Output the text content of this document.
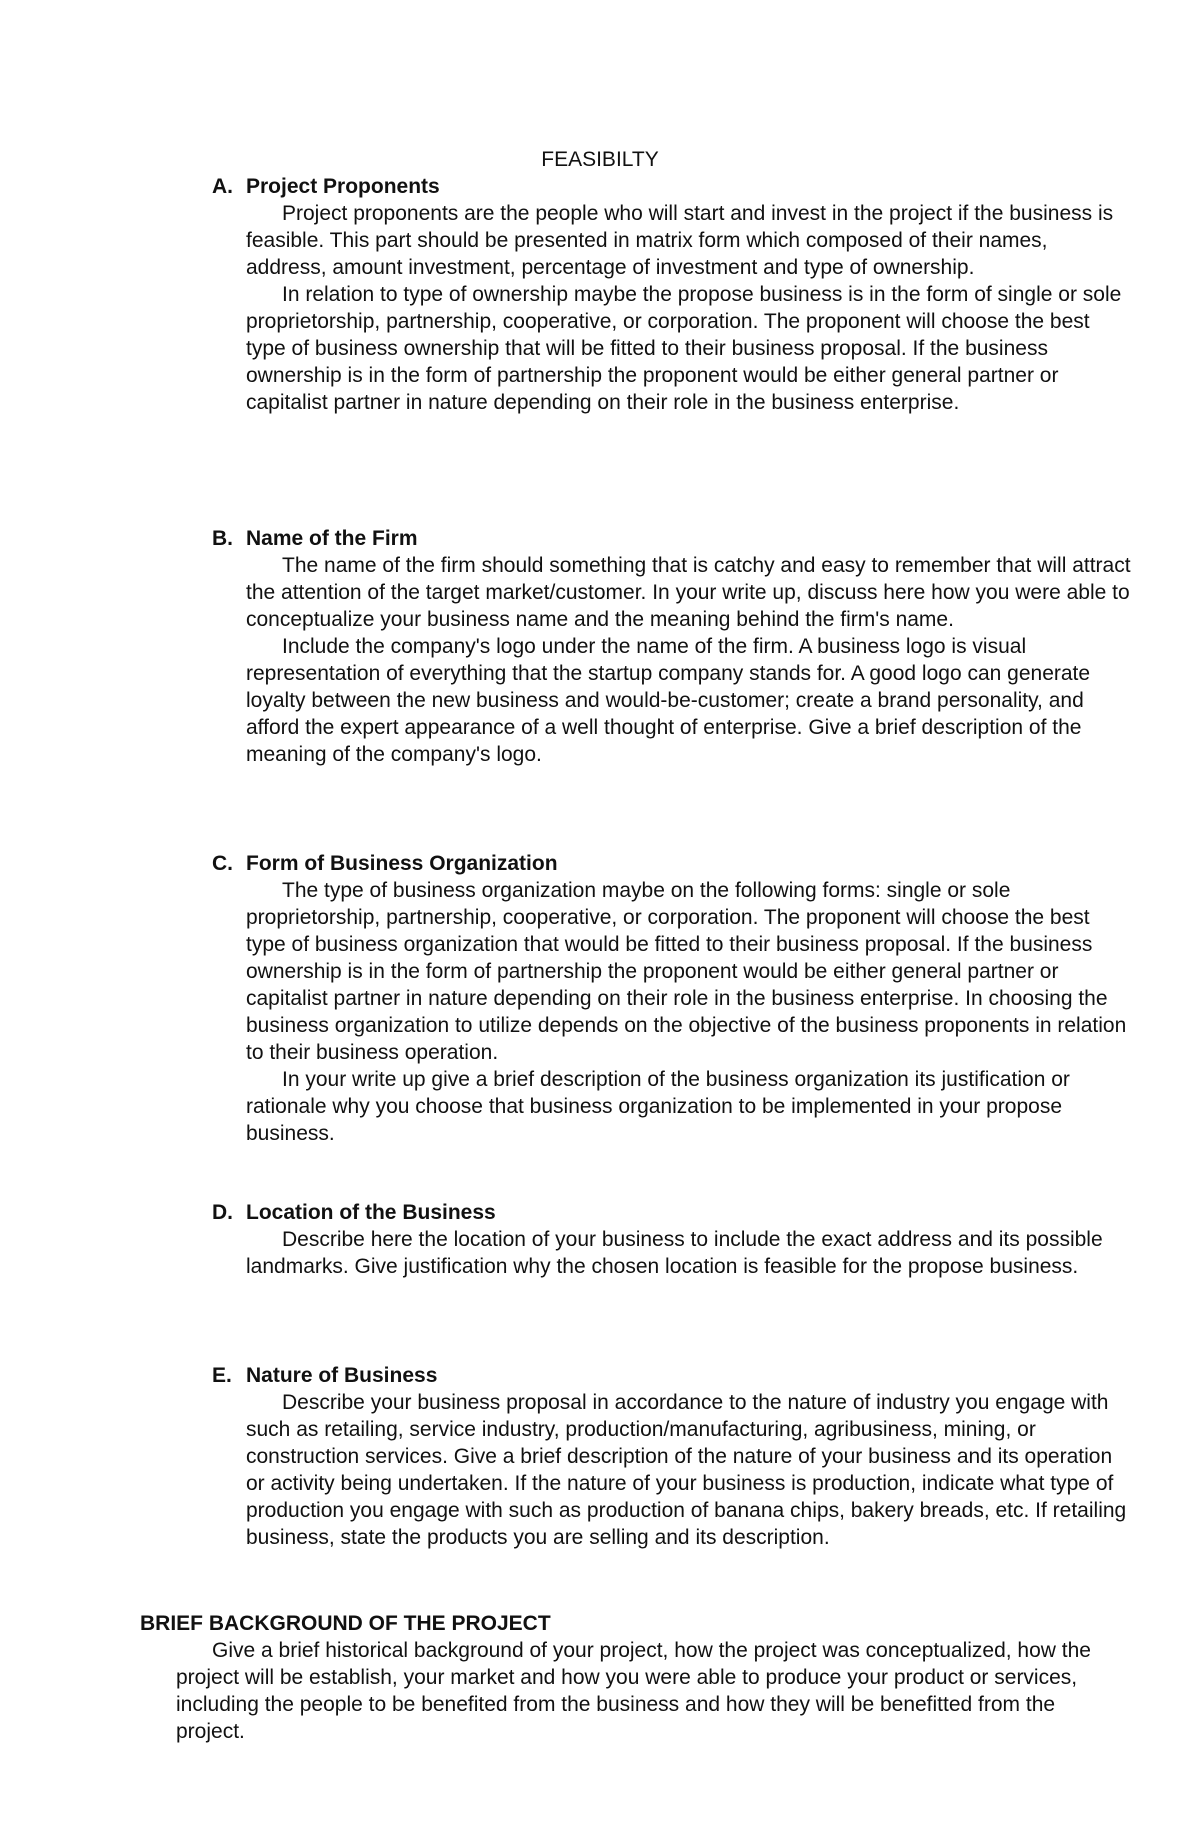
FEASIBILTY
A. Project Proponents

Project proponents are the people who will start and invest in the project if the business is feasible. This part should be presented in matrix form which composed of their names, address, amount investment, percentage of investment and type of ownership.

In relation to type of ownership maybe the propose business is in the form of single or sole proprietorship, partnership, cooperative, or corporation. The proponent will choose the best type of business ownership that will be fitted to their business proposal. If the business ownership is in the form of partnership the proponent would be either general partner or capitalist partner in nature depending on their role in the business enterprise.

B. Name of the Firm

The name of the firm should something that is catchy and easy to remember that will attract the attention of the target market/customer. In your write up, discuss here how you were able to conceptualize your business name and the meaning behind the firm's name.

Include the company's logo under the name of the firm. A business logo is visual representation of everything that the startup company stands for. A good logo can generate loyalty between the new business and would-be-customer; create a brand personality, and afford the expert appearance of a well thought of enterprise. Give a brief description of the meaning of the company's logo.

C. Form of Business Organization

The type of business organization maybe on the following forms: single or sole proprietorship, partnership, cooperative, or corporation. The proponent will choose the best type of business organization that would be fitted to their business proposal. If the business ownership is in the form of partnership the proponent would be either general partner or capitalist partner in nature depending on their role in the business enterprise. In choosing the business organization to utilize depends on the objective of the business proponents in relation to their business operation.

In your write up give a brief description of the business organization its justification or rationale why you choose that business organization to be implemented in your propose business.

D. Location of the Business

Describe here the location of your business to include the exact address and its possible landmarks. Give justification why the chosen location is feasible for the propose business.

E. Nature of Business

Describe your business proposal in accordance to the nature of industry you engage with such as retailing, service industry, production/manufacturing, agribusiness, mining, or construction services. Give a brief description of the nature of your business and its operation or activity being undertaken. If the nature of your business is production, indicate what type of production you engage with such as production of banana chips, bakery breads, etc. If retailing business, state the products you are selling and its description.

BRIEF BACKGROUND OF THE PROJECT

Give a brief historical background of your project, how the project was conceptualized, how the project will be establish, your market and how you were able to produce your product or services, including the people to be benefited from the business and how they will be benefitted from the project.
